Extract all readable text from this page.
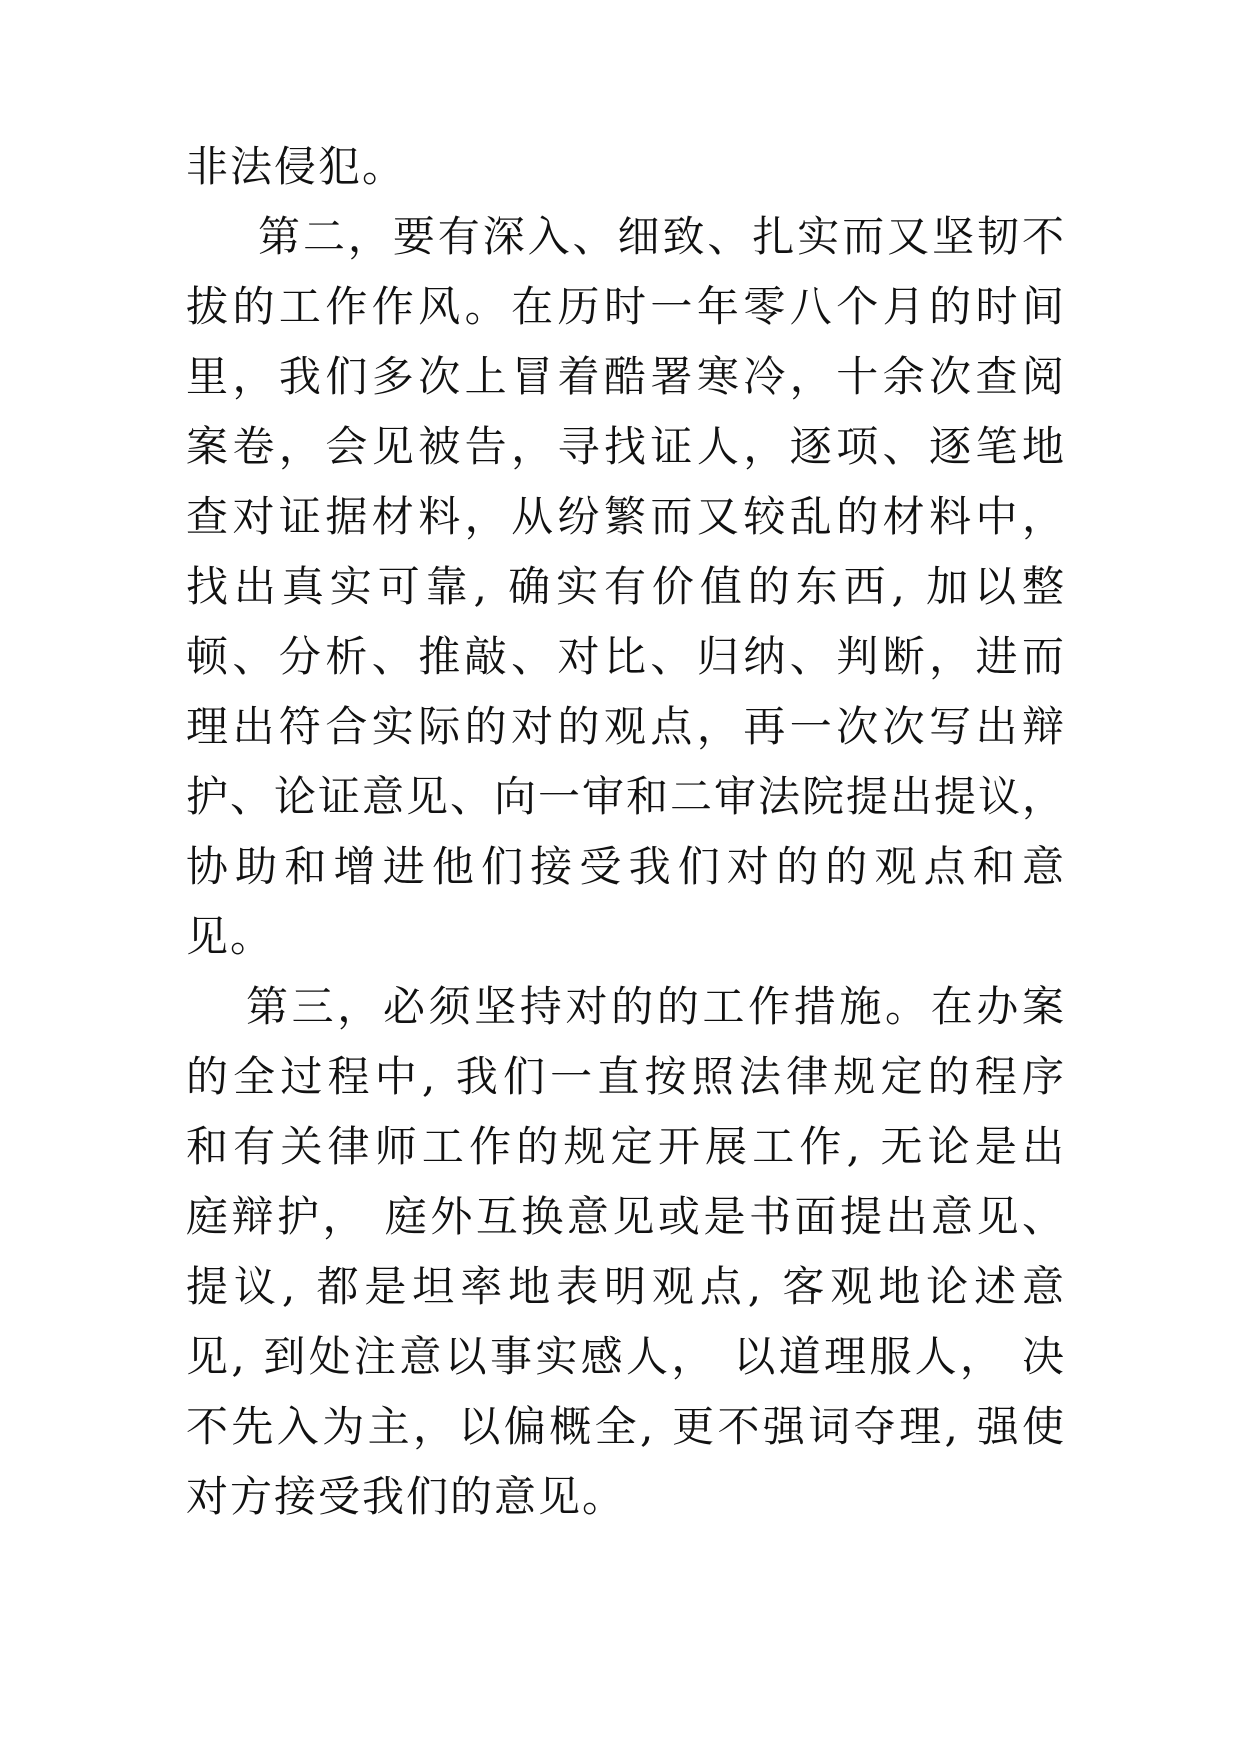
非法侵犯。
第二，要有深入、细致、扎实而又坚韧不
拔的工作作风。在历时一年零八个月的时间
里，我们多次上冒着酷署寒冷，十余次查阅
案卷，会见被告，寻找证人，逐项、逐笔地
查对证据材料，从纷繁而又较乱的材料中，
找出真实可靠, 确实有价值的东西, 加以整
顿、分析、推敲、对比、归纳、判断，进而
理出符合实际的对的观点，再一次次写出辩
护、论证意见、向一审和二审法院提出提议，
协助和增进他们接受我们对的的观点和意
见。
第三，必须坚持对的的工作措施。在办案
的全过程中, 我们一直按照法律规定的程序
和有关律师工作的规定开展工作, 无论是出
庭辩护， 庭外互换意见或是书面提出意见、
提议, 都是坦率地表明观点, 客观地论述意
见, 到处注意以事实感人， 以道理服人， 决
不先入为主，以偏概全, 更不强词夺理, 强使
对方接受我们的意见。
